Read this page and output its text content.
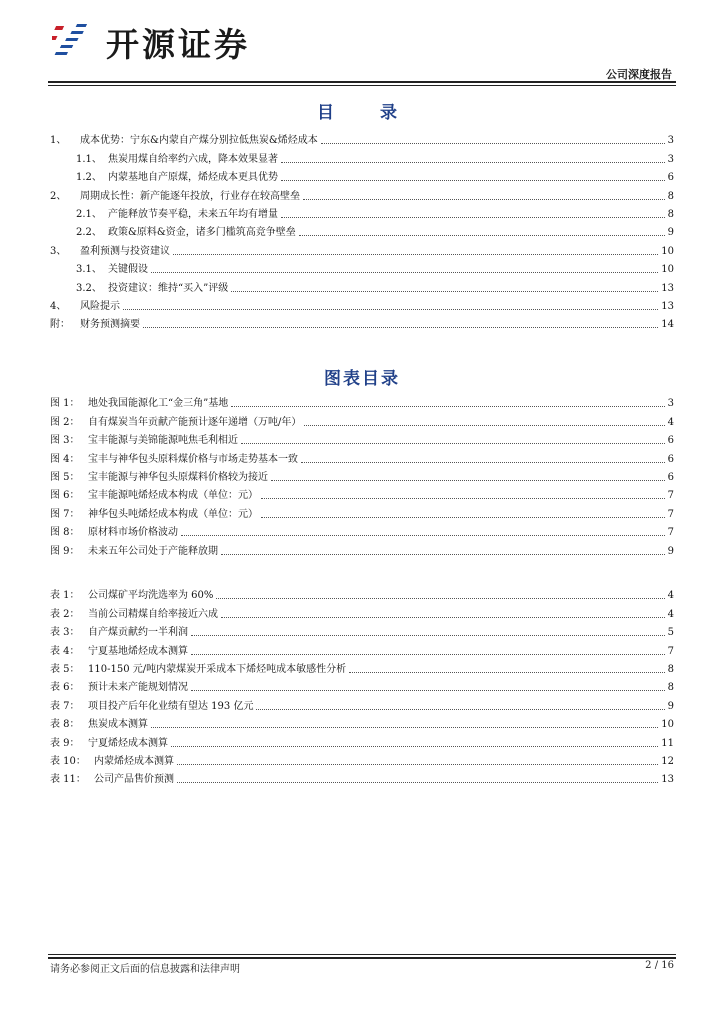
开源证券
公司深度报告
目 录
1、	成本优势：宁东&内蒙自产煤分别拉低焦炭&烯烃成本	3
1.1、 焦炭用煤自给率约六成，降本效果显著	3
1.2、 内蒙基地自产原煤，烯烃成本更具优势	6
2、	周期成长性：新产能逐年投放，行业存在较高壁垒	8
2.1、 产能释放节奏平稳，未来五年均有增量	8
2.2、 政策&原料&资金，诸多门槛筑高竞争壁垒	9
3、	盈利预测与投资建议	10
3.1、 关键假设	10
3.2、 投资建议：维持“买入”评级	13
4、	风险提示	13
附：	财务预测摘要	14
图表目录
图 1： 地处我国能源化工“金三角”基地	3
图 2： 自有煤炭当年贡献产能预计逐年递增（万吨/年）	4
图 3： 宝丰能源与美锦能源吨焦毛利相近	6
图 4： 宝丰与神华包头原料煤价格与市场走势基本一致	6
图 5： 宝丰能源与神华包头原煤料价格较为接近	6
图 6： 宝丰能源吨烯烃成本构成（单位：元）	7
图 7： 神华包头吨烯烃成本构成（单位：元）	7
图 8： 原材料市场价格波动	7
图 9： 未来五年公司处于产能释放期	9
表 1： 公司煤矿平均洗选率为 60%	4
表 2： 当前公司精煤自给率接近六成	4
表 3： 自产煤贡献约一半利润	5
表 4： 宁夏基地烯烃成本测算	7
表 5： 110-150 元/吨内蒙煤炭开采成本下烯烃吨成本敏感性分析	8
表 6： 预计未来产能规划情况	8
表 7： 项目投产后年化业绩有望达 193 亿元	9
表 8： 焦炭成本测算	10
表 9： 宁夏烯烃成本测算	11
表 10： 内蒙烯烃成本测算	12
表 11： 公司产品售价预测	13
请务必参阅正文后面的信息披露和法律声明	2 / 16
